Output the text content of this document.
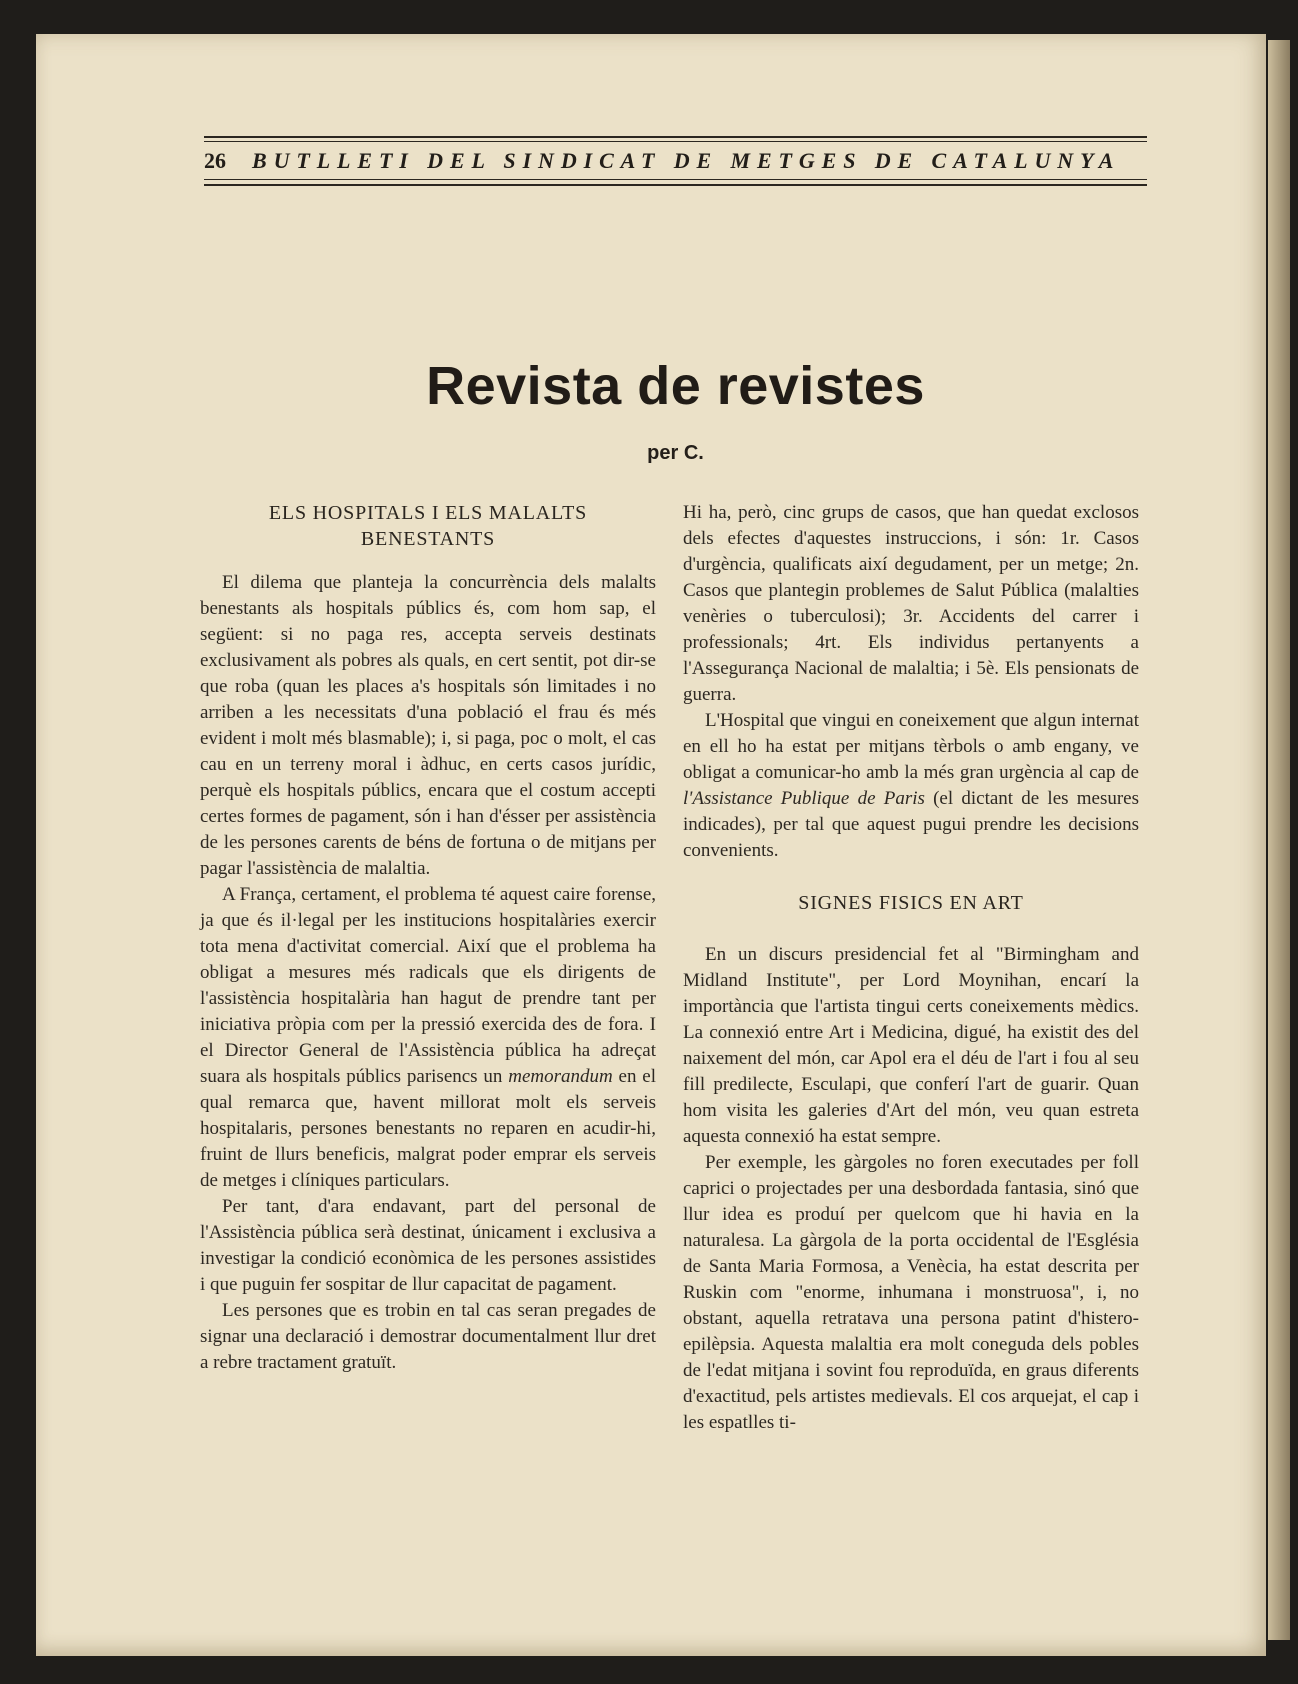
26 BUTLLETI DEL SINDICAT DE METGES DE CATALUNYA
Revista de revistes
per C.
ELS HOSPITALS I ELS MALALTS BENESTANTS

El dilema que planteja la concurrència dels malalts benestants als hospitals públics és, com hom sap, el següent: si no paga res, accepta serveis destinats exclusivament als pobres als quals, en cert sentit, pot dir-se que roba (quan les places a's hospitals són limitades i no arriben a les necessitats d'una població el frau és més evident i molt més blasmable); i, si paga, poc o molt, el cas cau en un terreny moral i àdhuc, en certs casos jurídic, perquè els hospitals públics, encara que el costum accepti certes formes de pagament, són i han d'ésser per assistència de les persones carents de béns de fortuna o de mitjans per pagar l'assistència de malaltia.

A França, certament, el problema té aquest caire forense, ja que és il·legal per les institucions hospitalàries exercir tota mena d'activitat comercial. Així que el problema ha obligat a mesures més radicals que els dirigents de l'assistència hospitalària han hagut de prendre tant per iniciativa pròpia com per la pressió exercida des de fora. I el Director General de l'Assistència pública ha adreçat suara als hospitals públics parisencs un memorandum en el qual remarca que, havent millorat molt els serveis hospitalaris, persones benestants no reparen en acudir-hi, fruint de llurs beneficis, malgrat poder emprar els serveis de metges i clíniques particulars.

Per tant, d'ara endavant, part del personal de l'Assistència pública serà destinat, únicament i exclusiva a investigar la condició econòmica de les persones assistides i que puguin fer sospitar de llur capacitat de pagament.

Les persones que es trobin en tal cas seran pregades de signar una declaració i demostrar documentalment llur dret a rebre tractament gratuït.

Hi ha, però, cinc grups de casos, que han quedat exclosos dels efectes d'aquestes instruccions, i són: 1r. Casos d'urgència, qualificats així degudament, per un metge; 2n. Casos que plantegin problemes de Salut Pública (malalties venèries o tuberculosi); 3r. Accidents del carrer i professionals; 4rt. Els individus pertanyents a l'Assegurança Nacional de malaltia; i 5è. Els pensionats de guerra.

L'Hospital que vingui en coneixement que algun internat en ell ho ha estat per mitjans tèrbols o amb engany, ve obligat a comunicar-ho amb la més gran urgència al cap de l'Assistance Publique de Paris (el dictant de les mesures indicades), per tal que aquest pugui prendre les decisions convenients.

SIGNES FISICS EN ART

En un discurs presidencial fet al "Birmingham and Midland Institute", per Lord Moynihan, encarí la importància que l'artista tingui certs coneixements mèdics. La connexió entre Art i Medicina, digué, ha existit des del naixement del món, car Apol era el déu de l'art i fou al seu fill predilecte, Esculapi, que conferí l'art de guarir. Quan hom visita les galeries d'Art del món, veu quan estreta aquesta connexió ha estat sempre.

Per exemple, les gàrgoles no foren executades per foll caprici o projectades per una desbordada fantasia, sinó que llur idea es produí per quelcom que hi havia en la naturalesa. La gàrgola de la porta occidental de l'Església de Santa Maria Formosa, a Venècia, ha estat descrita per Ruskin com "enorme, inhumana i monstruosa", i, no obstant, aquella retratava una persona patint d'histero-epilèpsia. Aquesta malaltia era molt coneguda dels pobles de l'edat mitjana i sovint fou reproduïda, en graus diferents d'exactitud, pels artistes medievals. El cos arquejat, el cap i les espatlles ti-
